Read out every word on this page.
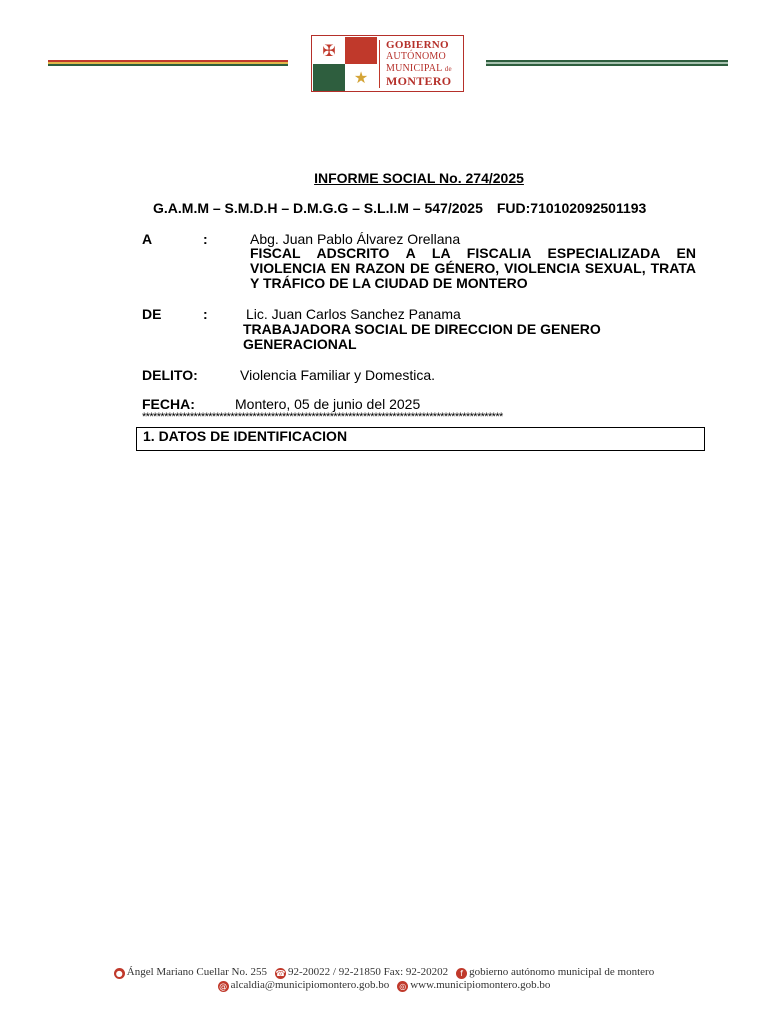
✠
★
GOBIERNO
AUTÓNOMO
MUNICIPAL de
MONTERO
INFORME SOCIAL No. 274/2025
G.A.M.M – S.M.D.H – D.M.G.G – S.L.I.M – 547/2025 FUD:710102092501193
A	:	Abg. Juan Pablo Álvarez Orellana
FISCAL ADSCRITO A LA FISCALIA ESPECIALIZADA EN VIOLENCIA EN RAZON DE GÉNERO, VIOLENCIA SEXUAL, TRATA Y TRÁFICO DE LA CIUDAD DE MONTERO
DE	:	Lic. Juan Carlos Sanchez Panama
TRABAJADORA SOCIAL DE DIRECCION DE GENERO
GENERACIONAL
DELITO:	Violencia Familiar y Domestica.
FECHA:	Montero, 05 de junio del 2025
**************************************************************************************************
1. DATOS DE IDENTIFICACION
● Ángel Mariano Cuellar No. 255 ☎ 92-20022 / 92-21850 Fax: 92-20202 f gobierno autónomo municipal de montero
@ alcaldia@municipiomontero.gob.bo ◎ www.municipiomontero.gob.bo
